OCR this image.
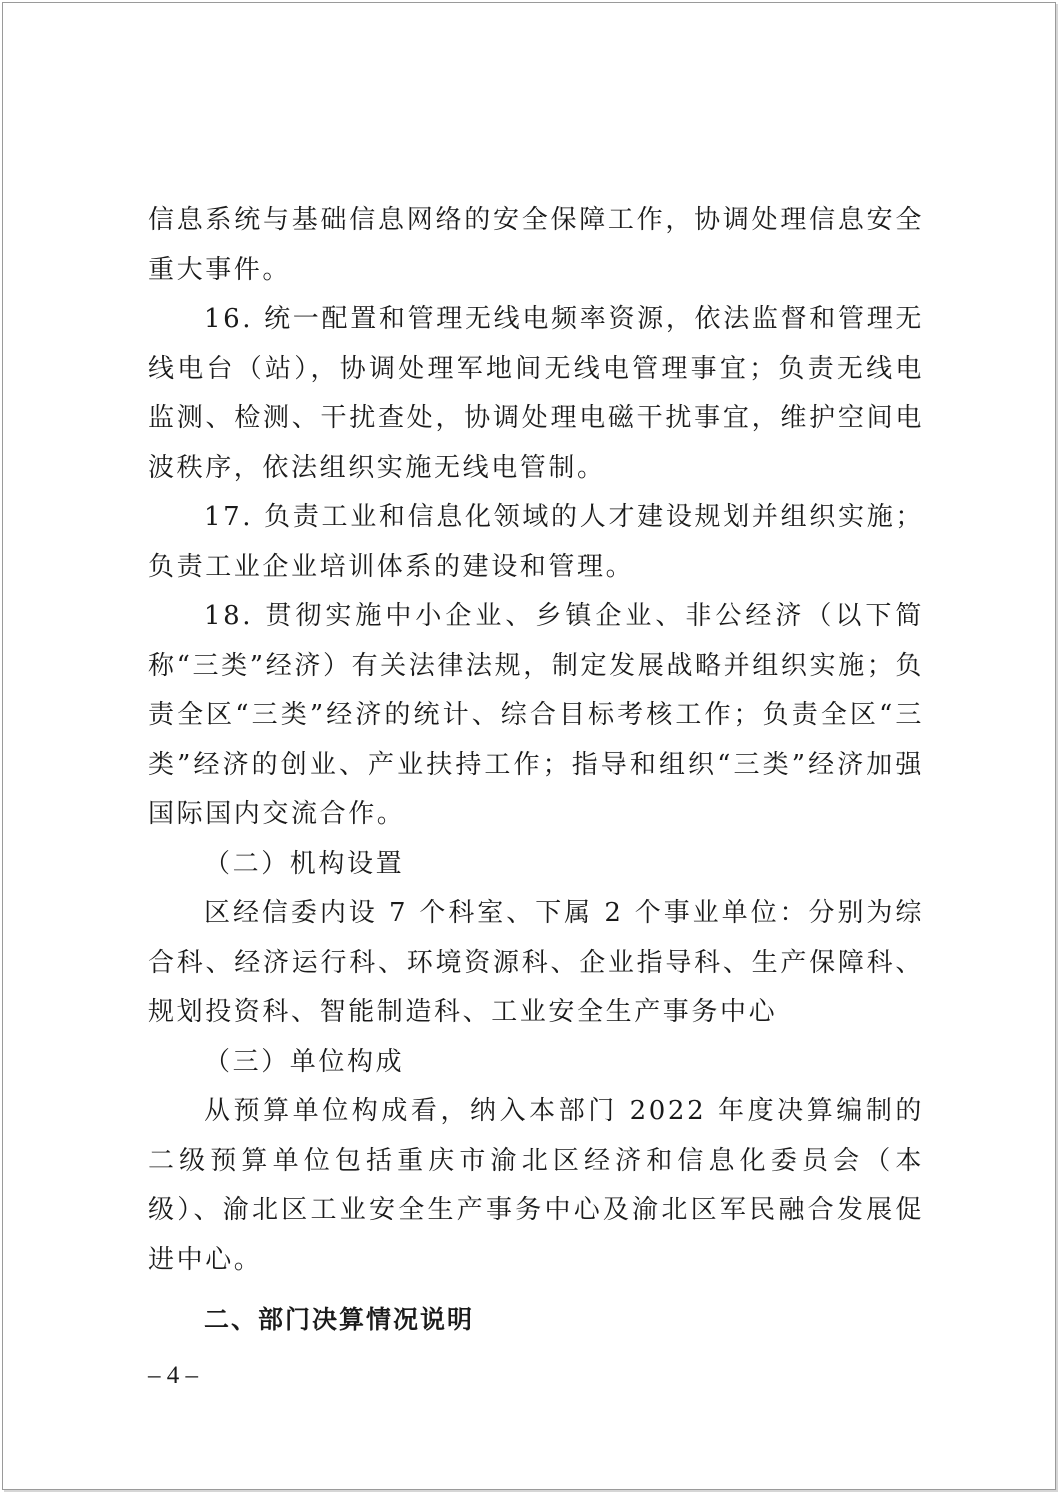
信息系统与基础信息网络的安全保障工作，协调处理信息安全重大事件。

16. 统一配置和管理无线电频率资源，依法监督和管理无线电台（站），协调处理军地间无线电管理事宜；负责无线电监测、检测、干扰查处，协调处理电磁干扰事宜，维护空间电波秩序，依法组织实施无线电管制。

17. 负责工业和信息化领域的人才建设规划并组织实施；负责工业企业培训体系的建设和管理。

18. 贯彻实施中小企业、乡镇企业、非公经济（以下简称“三类”经济）有关法律法规，制定发展战略并组织实施；负责全区“三类”经济的统计、综合目标考核工作；负责全区“三类”经济的创业、产业扶持工作；指导和组织“三类”经济加强国际国内交流合作。

（二）机构设置

区经信委内设 7 个科室、下属 2 个事业单位：分别为综合科、经济运行科、环境资源科、企业指导科、生产保障科、规划投资科、智能制造科、工业安全生产事务中心

（三）单位构成

从预算单位构成看，纳入本部门 2022 年度决算编制的二级预算单位包括重庆市渝北区经济和信息化委员会（本级）、渝北区工业安全生产事务中心及渝北区军民融合发展促进中心。

二、部门决算情况说明

– 4 –
